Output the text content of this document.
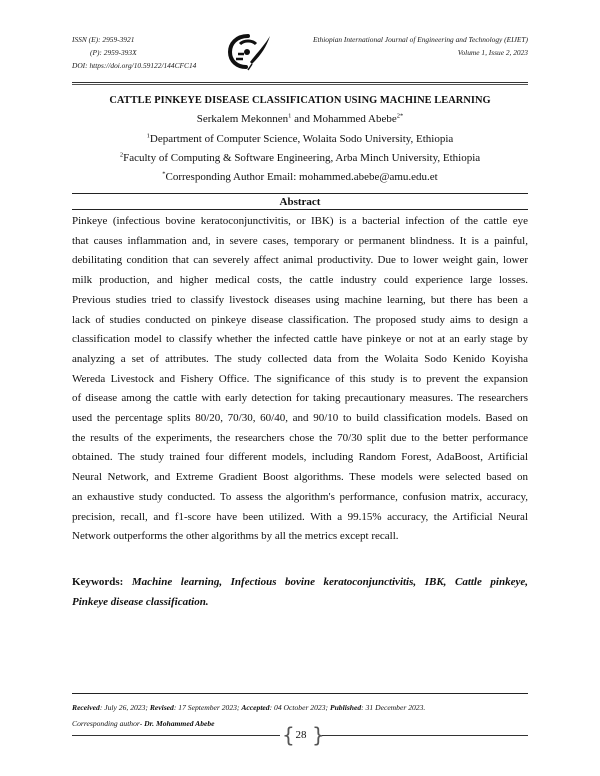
ISSN (E): 2959-3921
(P): 2959-393X
DOI: https://doi.org/10.59122/144CFC14
Ethiopian International Journal of Engineering and Technology (EIJET)
Volume 1, Issue 2, 2023
CATTLE PINKEYE DISEASE CLASSIFICATION USING MACHINE LEARNING
Serkalem Mekonnen$^1$ and Mohammed Abebe$^{2*}$
$^1$Department of Computer Science, Wolaita Sodo University, Ethiopia
$^2$Faculty of Computing & Software Engineering, Arba Minch University, Ethiopia
*Corresponding Author Email: mohammed.abebe@amu.edu.et
Abstract
Pinkeye (infectious bovine keratoconjunctivitis, or IBK) is a bacterial infection of the cattle eye
that causes inflammation and, in severe cases, temporary or permanent blindness. It is a painful,
debilitating condition that can severely affect animal productivity. Due to lower weight gain, lower
milk production, and higher medical costs, the cattle industry could experience large losses.
Previous studies tried to classify livestock diseases using machine learning, but there has been a
lack of studies conducted on pinkeye disease classification. The proposed study aims to design a
classification model to classify whether the infected cattle have pinkeye or not at an early stage by
analyzing a set of attributes. The study collected data from the Wolaita Sodo Kenido Koyisha
Wereda Livestock and Fishery Office. The significance of this study is to prevent the expansion
of disease among the cattle with early detection for taking precautionary measures. The researchers
used the percentage splits 80/20, 70/30, 60/40, and 90/10 to build classification models. Based on
the results of the experiments, the researchers chose the 70/30 split due to the better performance
obtained. The study trained four different models, including Random Forest, AdaBoost, Artificial
Neural Network, and Extreme Gradient Boost algorithms. These models were selected based on
an exhaustive study conducted. To assess the algorithm's performance, confusion matrix, accuracy,
precision, recall, and f1-score have been utilized. With a 99.15% accuracy, the Artificial Neural
Network outperforms the other algorithms by all the metrics except recall.
Keywords: Machine learning, Infectious bovine keratoconjunctivitis, IBK, Cattle pinkeye,
Pinkeye disease classification.
Received: July 26, 2023; Revised: 17 September 2023; Accepted: 04 October 2023; Published: 31 December 2023.
Corresponding author- Dr. Mohammed Abebe	{ 28 }
